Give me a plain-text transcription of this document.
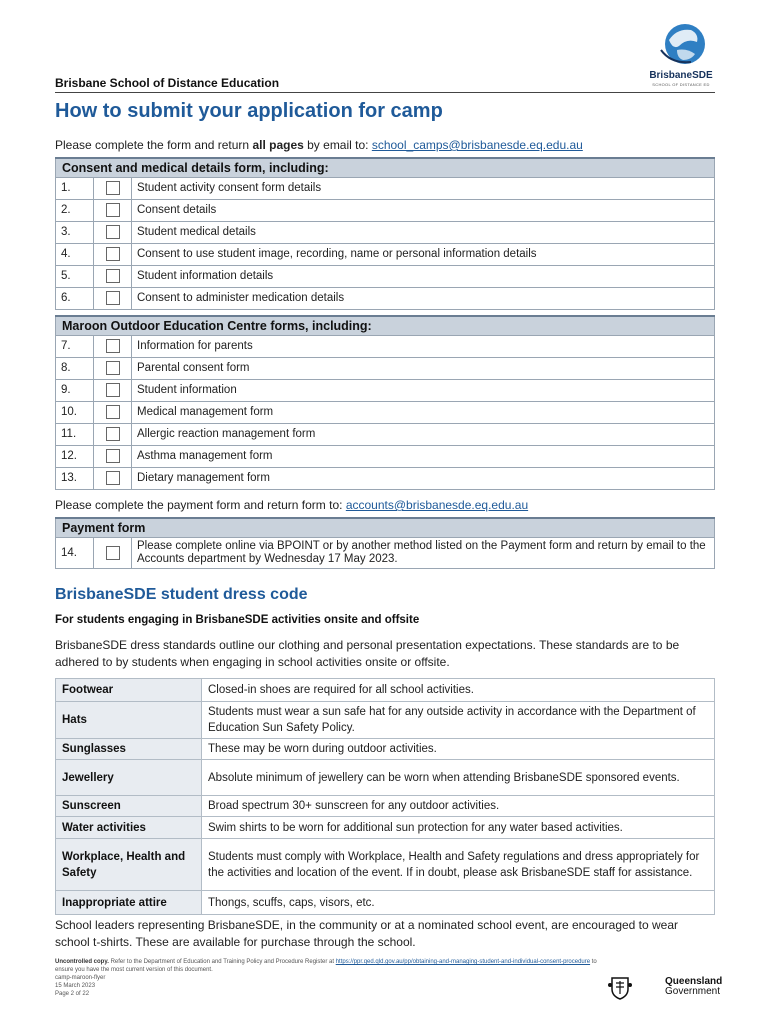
Brisbane School of Distance Education
BrisbaneSDE
SCHOOL OF DISTANCE ED
How to submit your application for camp
Please complete the form and return all pages by email to: school_camps@brisbanesde.eq.edu.au
Consent and medical details form, including:		
1.		Student activity consent form details
2.		Consent details
3.		Student medical details
4.		Consent to use student image, recording, name or personal information details
5.		Student information details
6.		Consent to administer medication details
Maroon Outdoor Education Centre forms, including:		
7.		Information for parents
8.		Parental consent form
9.		Student information
10.		Medical management form
11.		Allergic reaction management form
12.		Asthma management form
13.		Dietary management form
Please complete the payment form and return form to: accounts@brisbanesde.eq.edu.au
Payment form
14.		Please complete online via BPOINT or by another method listed on the Payment form and return by email to the Accounts department by Wednesday 17 May 2023.
BrisbaneSDE student dress code
For students engaging in BrisbaneSDE activities onsite and offsite
BrisbaneSDE dress standards outline our clothing and personal presentation expectations. These standards are to be adhered to by students when engaging in school activities onsite or offsite.
Footwear	Closed-in shoes are required for all school activities.
Hats	Students must wear a sun safe hat for any outside activity in accordance with the Department of Education Sun Safety Policy.
Sunglasses	These may be worn during outdoor activities.
Jewellery	Absolute minimum of jewellery can be worn when attending BrisbaneSDE sponsored events.
Sunscreen	Broad spectrum 30+ sunscreen for any outdoor activities.
Water activities	Swim shirts to be worn for additional sun protection for any water based activities.
Workplace, Health and Safety	Students must comply with Workplace, Health and Safety regulations and dress appropriately for the activities and location of the event. If in doubt, please ask BrisbaneSDE staff for assistance.
Inappropriate attire	Thongs, scuffs, caps, visors, etc.
School leaders representing BrisbaneSDE, in the community or at a nominated school event, are encouraged to wear school t-shirts. These are available for purchase through the school.
Uncontrolled copy. Refer to the Department of Education and Training Policy and Procedure Register at https://ppr.qed.qld.gov.au/pp/obtaining-and-managing-student-and-individual-consent-procedure to ensure you have the most current version of this document.
camp-maroon-flyer
15 March 2023
Page 2 of 22
Queensland
Government
